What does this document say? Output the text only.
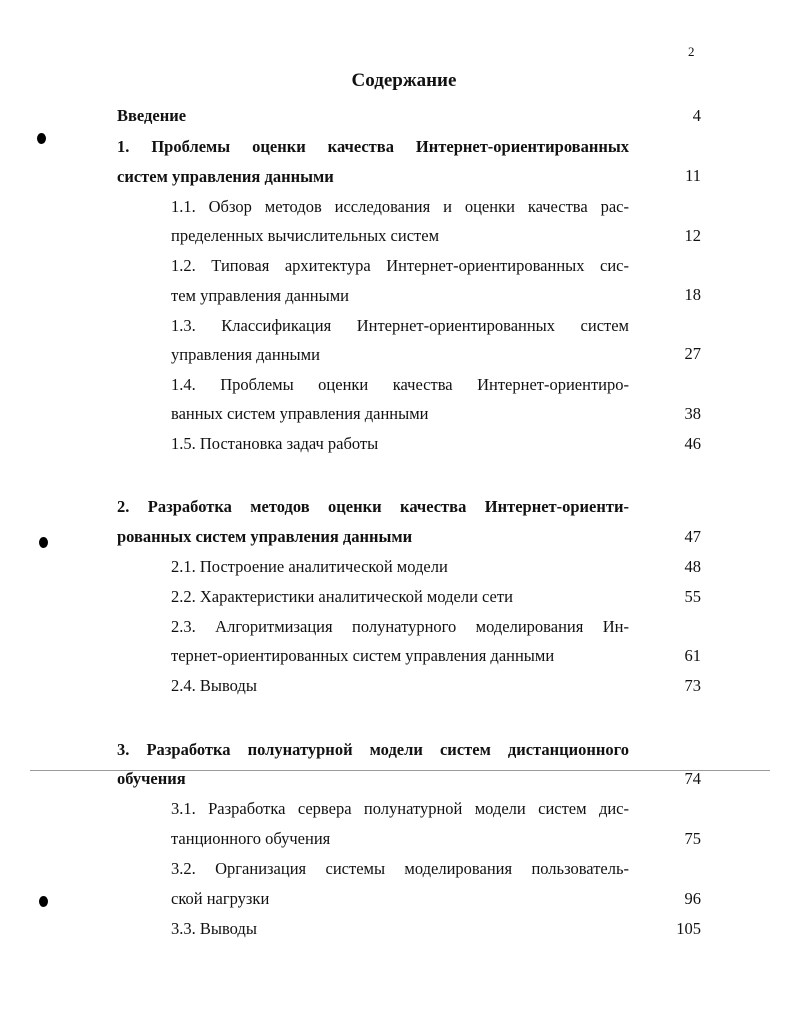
2
Содержание
Введение	4
1. Проблемы оценки качества Интернет-ориентированных
систем управления данными	11
1.1. Обзор методов исследования и оценки качества рас-
пределенных вычислительных систем	12
1.2. Типовая архитектура Интернет-ориентированных сис-
тем управления данными	18
1.3. Классификация Интернет-ориентированных систем
управления данными	27
1.4. Проблемы оценки качества Интернет-ориентиро-
ванных систем управления данными	38
1.5. Постановка задач работы	46
2. Разработка методов оценки качества Интернет-ориенти-
рованных систем управления данными	47
2.1. Построение аналитической модели	48
2.2. Характеристики аналитической модели сети	55
2.3. Алгоритмизация полунатурного моделирования Ин-
тернет-ориентированных систем управления данными	61
2.4. Выводы	73
3. Разработка полунатурной модели систем дистанционного
обучения	74
3.1. Разработка сервера полунатурной модели систем дис-
танционного обучения	75
3.2. Организация системы моделирования пользователь-
ской нагрузки	96
3.3. Выводы	105
